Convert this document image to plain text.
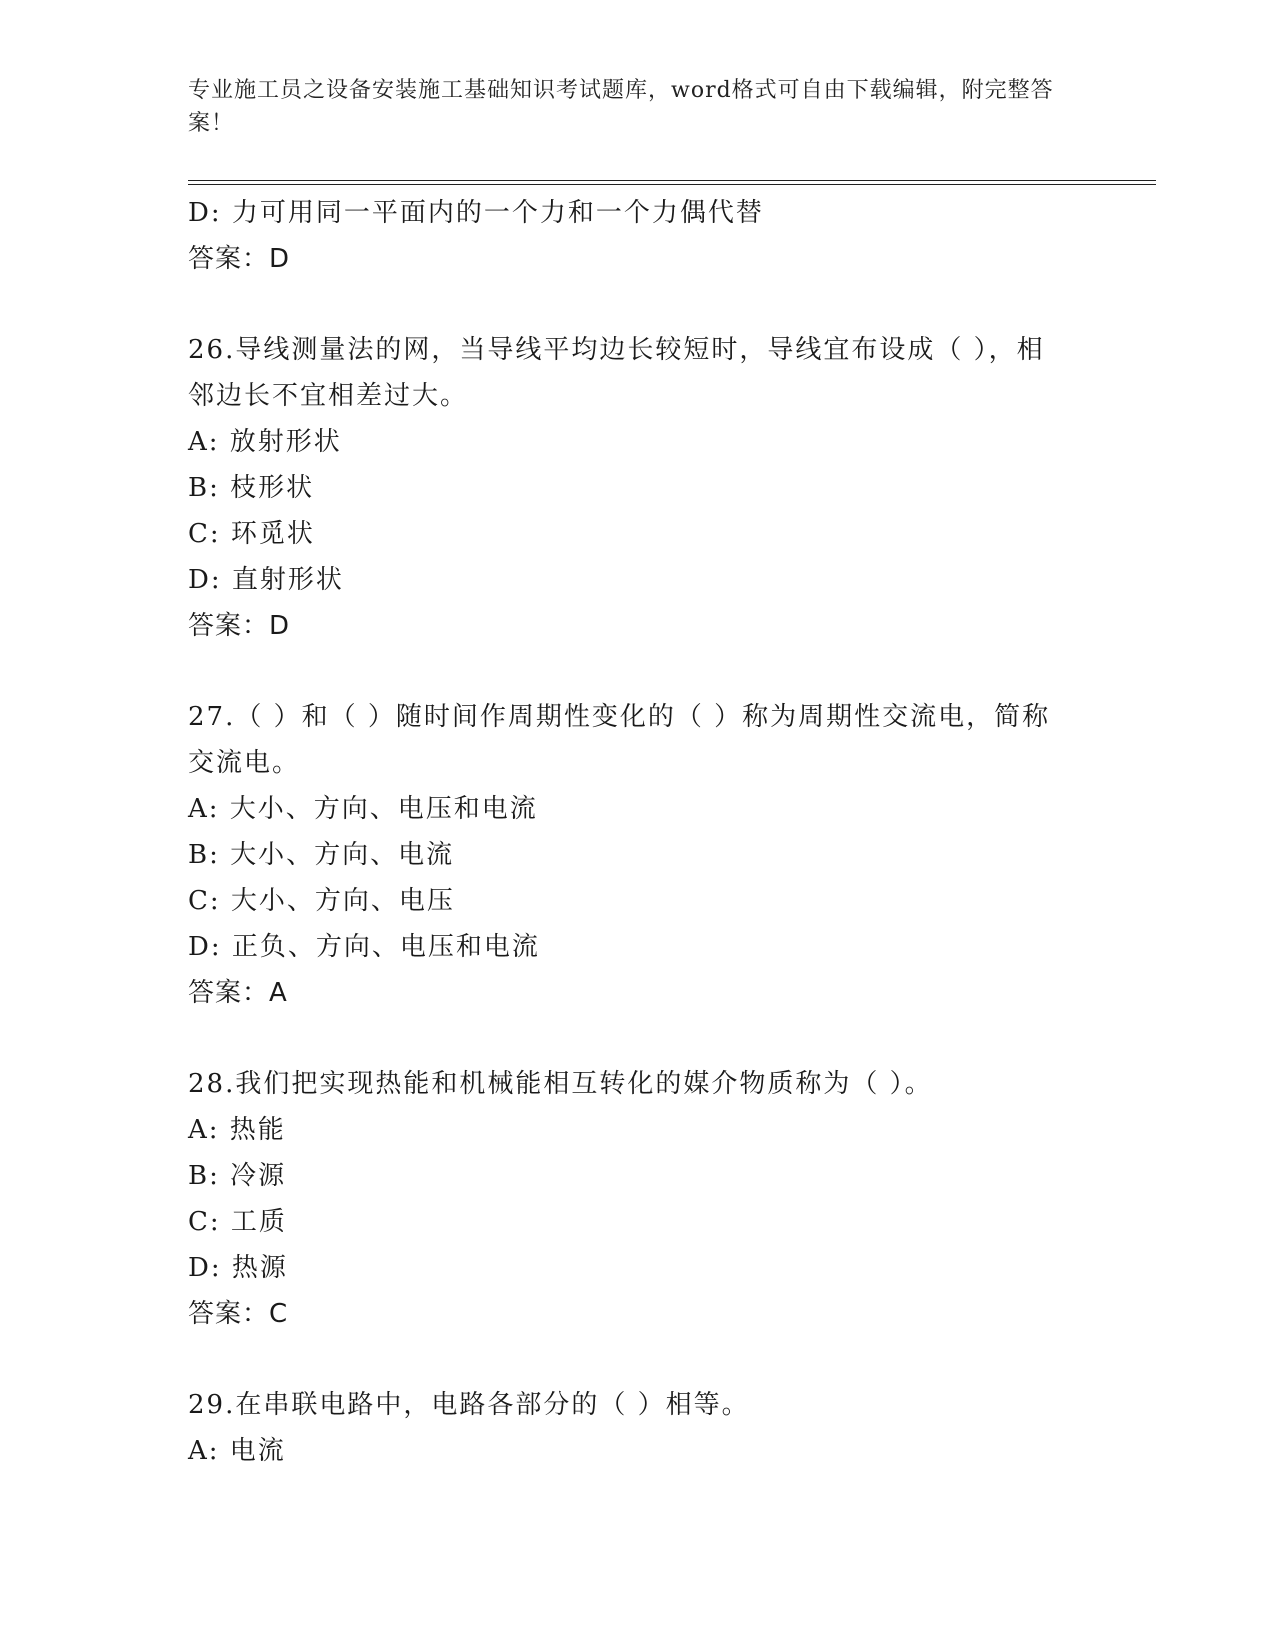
专业施工员之设备安装施工基础知识考试题库，word格式可自由下载编辑，附完整答案！
D: 力可用同一平面内的一个力和一个力偶代替
答案：D
26.导线测量法的网，当导线平均边长较短时，导线宜布设成（ ），相邻边长不宜相差过大。
A: 放射形状
B: 枝形状
C: 环觅状
D: 直射形状
答案：D
27.（ ）和（ ）随时间作周期性变化的（ ）称为周期性交流电，简称交流电。
A: 大小、方向、电压和电流
B: 大小、方向、电流
C: 大小、方向、电压
D: 正负、方向、电压和电流
答案：A
28.我们把实现热能和机械能相互转化的媒介物质称为（ ）。
A: 热能
B: 冷源
C: 工质
D: 热源
答案：C
29.在串联电路中，电路各部分的（ ）相等。
A: 电流
